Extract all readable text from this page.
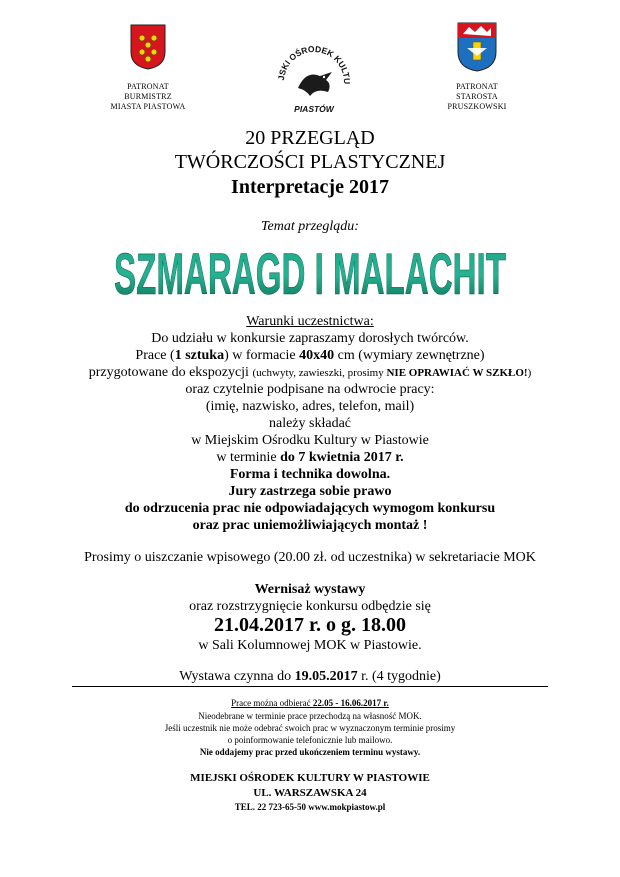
PATRONAT
BURMISTRZ
MIASTA PIASTOWA
JSKI OŚRODEK KULTU
PIASTÓW
PATRONAT
STAROSTA
PRUSZKOWSKI
20 PRZEGLĄD
TWÓRCZOŚCI PLASTYCZNEJ
Interpretacje 2017
Temat przeglądu:
SZMARAGD I MALACHIT
Warunki uczestnictwa:
Do udziału w konkursie zapraszamy dorosłych twórców.
Prace (1 sztuka) w formacie 40x40 cm (wymiary zewnętrzne)
przygotowane do ekspozycji (uchwyty, zawieszki, prosimy NIE OPRAWIAĆ W SZKŁO!)
oraz czytelnie podpisane na odwrocie pracy:
(imię, nazwisko, adres, telefon, mail)
należy składać
w Miejskim Ośrodku Kultury w Piastowie
w terminie do 7 kwietnia 2017 r.
Forma i technika dowolna.
Jury zastrzega sobie prawo
do odrzucenia prac nie odpowiadających wymogom konkursu
oraz prac uniemożliwiających montaż !
Prosimy o uiszczanie wpisowego (20.00 zł. od uczestnika) w sekretariacie MOK
Wernisaż wystawy
oraz rozstrzygnięcie konkursu odbędzie się
21.04.2017 r. o g. 18.00
w Sali Kolumnowej MOK w Piastowie.
Wystawa czynna do 19.05.2017 r. (4 tygodnie)
Prace można odbierać 22.05 - 16.06.2017 r.
Nieodebrane w terminie prace przechodzą na własność MOK.
Jeśli uczestnik nie może odebrać swoich prac w wyznaczonym terminie prosimy
o poinformowanie telefonicznie lub mailowo.
Nie oddajemy prac przed ukończeniem terminu wystawy.
MIEJSKI OŚRODEK KULTURY W PIASTOWIE
UL. WARSZAWSKA 24
TEL. 22 723-65-50 www.mokpiastow.pl
